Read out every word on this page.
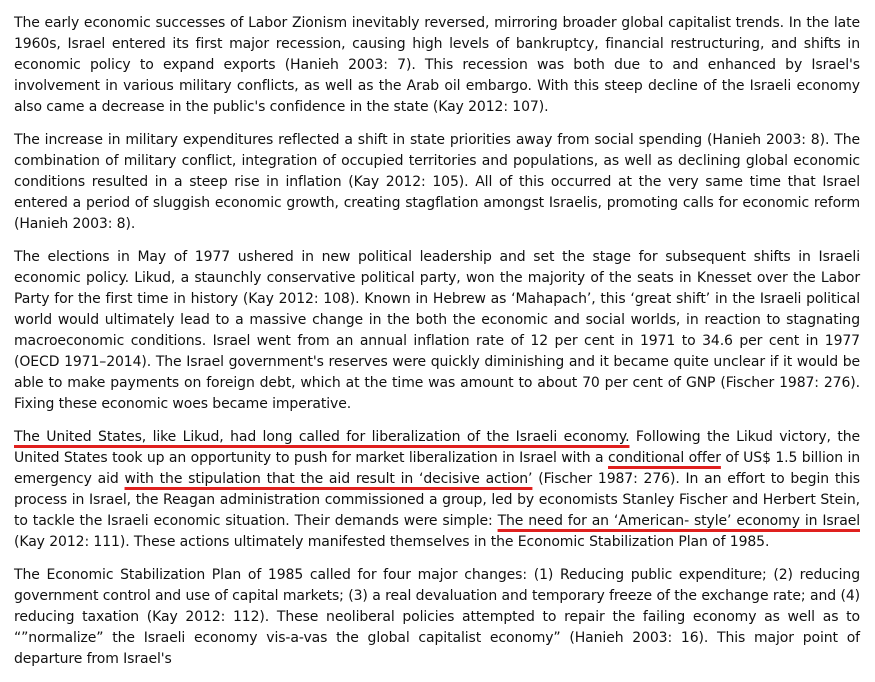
The early economic successes of Labor Zionism inevitably reversed, mirroring broader global capitalist trends. In the late 1960s, Israel entered its first major recession, causing high levels of bankruptcy, financial restructuring, and shifts in economic policy to expand exports (Hanieh 2003: 7). This recession was both due to and enhanced by Israel's involvement in various military conflicts, as well as the Arab oil embargo. With this steep decline of the Israeli economy also came a decrease in the public's confidence in the state (Kay 2012: 107).

The increase in military expenditures reflected a shift in state priorities away from social spending (Hanieh 2003: 8). The combination of military conflict, integration of occupied territories and populations, as well as declining global economic conditions resulted in a steep rise in inflation (Kay 2012: 105). All of this occurred at the very same time that Israel entered a period of sluggish economic growth, creating stagflation amongst Israelis, promoting calls for economic reform (Hanieh 2003: 8).

The elections in May of 1977 ushered in new political leadership and set the stage for subsequent shifts in Israeli economic policy. Likud, a staunchly conservative political party, won the majority of the seats in Knesset over the Labor Party for the first time in history (Kay 2012: 108). Known in Hebrew as ‘Mahapach’, this ‘great shift’ in the Israeli political world would ultimately lead to a massive change in the both the economic and social worlds, in reaction to stagnating macroeconomic conditions. Israel went from an annual inflation rate of 12 per cent in 1971 to 34.6 per cent in 1977 (OECD 1971–2014). The Israel government's reserves were quickly diminishing and it became quite unclear if it would be able to make payments on foreign debt, which at the time was amount to about 70 per cent of GNP (Fischer 1987: 276). Fixing these economic woes became imperative.

The United States, like Likud, had long called for liberalization of the Israeli economy. Following the Likud victory, the United States took up an opportunity to push for market liberalization in Israel with a conditional offer of US$ 1.5 billion in emergency aid with the stipulation that the aid result in ‘decisive action’ (Fischer 1987: 276). In an effort to begin this process in Israel, the Reagan administration commissioned a group, led by economists Stanley Fischer and Herbert Stein, to tackle the Israeli economic situation. Their demands were simple: The need for an ‘American- style’ economy in Israel (Kay 2012: 111). These actions ultimately manifested themselves in the Economic Stabilization Plan of 1985.

The Economic Stabilization Plan of 1985 called for four major changes: (1) Reducing public expenditure; (2) reducing government control and use of capital markets; (3) a real devaluation and temporary freeze of the exchange rate; and (4) reducing taxation (Kay 2012: 112). These neoliberal policies attempted to repair the failing economy as well as to “”normalize” the Israeli economy vis-a-vas the global capitalist economy” (Hanieh 2003: 16). This major point of departure from Israel's
